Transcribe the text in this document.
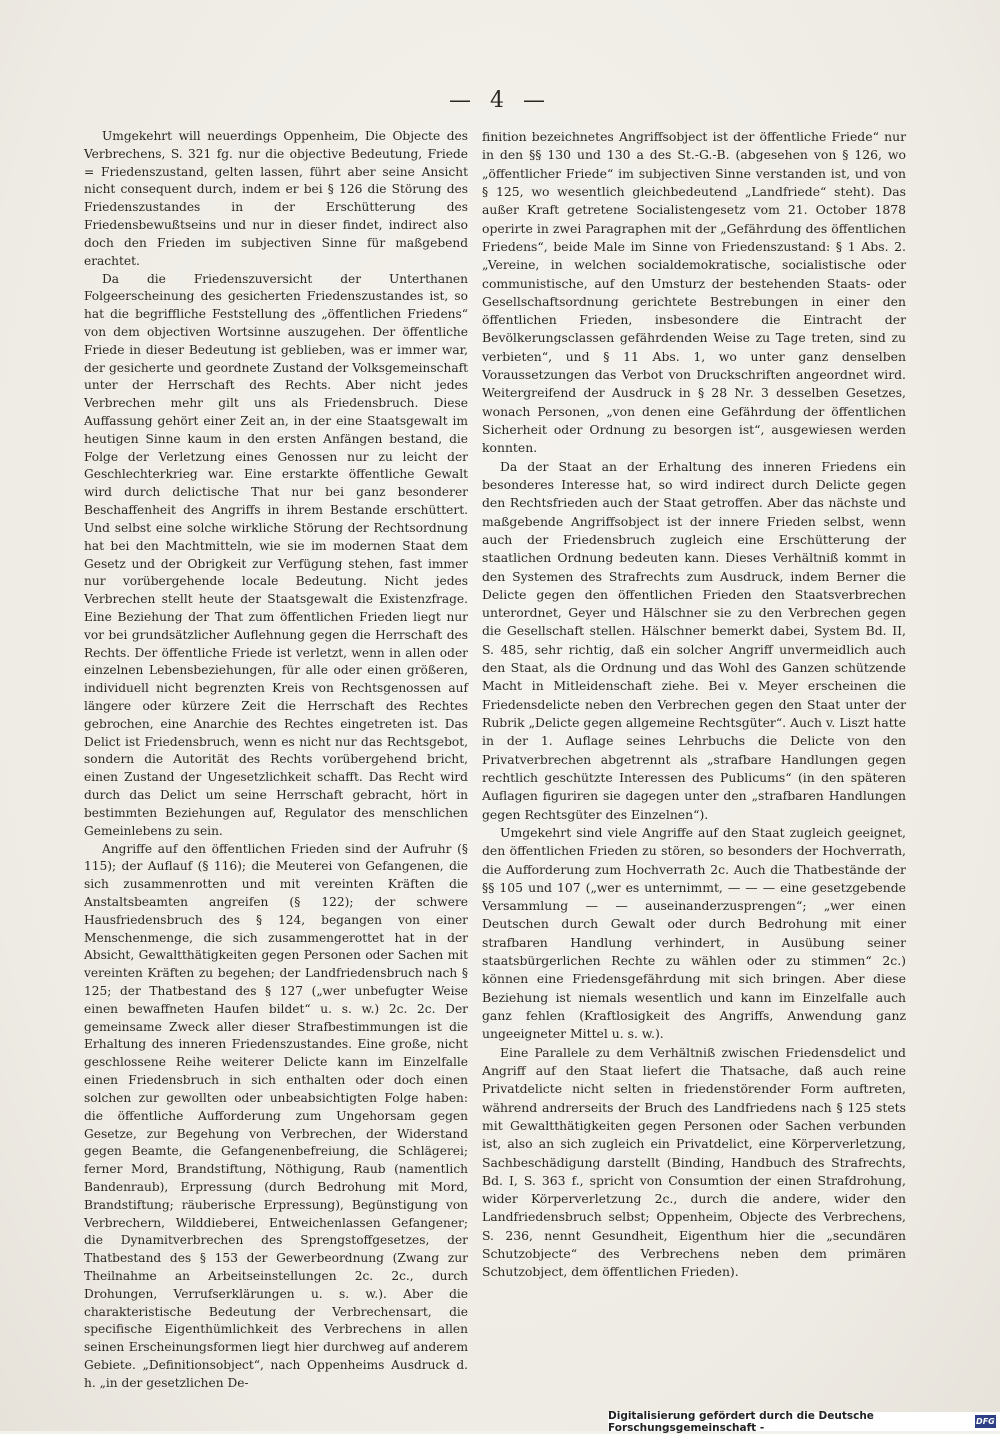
— 4 —

Umgekehrt will neuerdings Oppenheim, Die Objecte des Verbrechens, S. 321 fg. nur die objective Bedeutung, Friede = Friedenszustand, gelten lassen, führt aber seine Ansicht nicht consequent durch, indem er bei § 126 die Störung des Friedenszustandes in der Erschütterung des Friedensbewußtseins und nur in dieser findet, indirect also doch den Frieden im subjectiven Sinne für maßgebend erachtet.

Da die Friedenszuversicht der Unterthanen Folgeerscheinung des gesicherten Friedenszustandes ist, so hat die begriffliche Feststellung des „öffentlichen Friedens“ von dem objectiven Wortsinne auszugehen. Der öffentliche Friede in dieser Bedeutung ist geblieben, was er immer war, der gesicherte und geordnete Zustand der Volksgemeinschaft unter der Herrschaft des Rechts. Aber nicht jedes Verbrechen mehr gilt uns als Friedensbruch. Diese Auffassung gehört einer Zeit an, in der eine Staatsgewalt im heutigen Sinne kaum in den ersten Anfängen bestand, die Folge der Verletzung eines Genossen nur zu leicht der Geschlechterkrieg war. Eine erstarkte öffentliche Gewalt wird durch delictische That nur bei ganz besonderer Beschaffenheit des Angriffs in ihrem Bestande erschüttert. Und selbst eine solche wirkliche Störung der Rechtsordnung hat bei den Machtmitteln, wie sie im modernen Staat dem Gesetz und der Obrigkeit zur Verfügung stehen, fast immer nur vorübergehende locale Bedeutung. Nicht jedes Verbrechen stellt heute der Staatsgewalt die Existenzfrage. Eine Beziehung der That zum öffentlichen Frieden liegt nur vor bei grundsätzlicher Auflehnung gegen die Herrschaft des Rechts. Der öffentliche Friede ist verletzt, wenn in allen oder einzelnen Lebensbeziehungen, für alle oder einen größeren, individuell nicht begrenzten Kreis von Rechtsgenossen auf längere oder kürzere Zeit die Herrschaft des Rechtes gebrochen, eine Anarchie des Rechtes eingetreten ist. Das Delict ist Friedensbruch, wenn es nicht nur das Rechtsgebot, sondern die Autorität des Rechts vorübergehend bricht, einen Zustand der Ungesetzlichkeit schafft. Das Recht wird durch das Delict um seine Herrschaft gebracht, hört in bestimmten Beziehungen auf, Regulator des menschlichen Gemeinlebens zu sein.

Angriffe auf den öffentlichen Frieden sind der Aufruhr (§ 115); der Auflauf (§ 116); die Meuterei von Gefangenen, die sich zusammenrotten und mit vereinten Kräften die Anstaltsbeamten angreifen (§ 122); der schwere Hausfriedensbruch des § 124, begangen von einer Menschenmenge, die sich zusammengerottet hat in der Absicht, Gewaltthätigkeiten gegen Personen oder Sachen mit vereinten Kräften zu begehen; der Landfriedensbruch nach § 125; der Thatbestand des § 127 („wer unbefugter Weise einen bewaffneten Haufen bildet“ u. s. w.) 2c. 2c. Der gemeinsame Zweck aller dieser Strafbestimmungen ist die Erhaltung des inneren Friedenszustandes. Eine große, nicht geschlossene Reihe weiterer Delicte kann im Einzelfalle einen Friedensbruch in sich enthalten oder doch einen solchen zur gewollten oder unbeabsichtigten Folge haben: die öffentliche Aufforderung zum Ungehorsam gegen Gesetze, zur Begehung von Verbrechen, der Widerstand gegen Beamte, die Gefangenenbefreiung, die Schlägerei; ferner Mord, Brandstiftung, Nöthigung, Raub (namentlich Bandenraub), Erpressung (durch Bedrohung mit Mord, Brandstiftung; räuberische Erpressung), Begünstigung von Verbrechern, Wilddieberei, Entweichenlassen Gefangener; die Dynamitverbrechen des Sprengstoffgesetzes, der Thatbestand des § 153 der Gewerbeordnung (Zwang zur Theilnahme an Arbeitseinstellungen 2c. 2c., durch Drohungen, Verrufserklärungen u. s. w.). Aber die charakteristische Bedeutung der Verbrechensart, die specifische Eigenthümlichkeit des Verbrechens in allen seinen Erscheinungsformen liegt hier durchweg auf anderem Gebiete. „Definitionsobject“, nach Oppenheims Ausdruck d. h. „in der gesetzlichen De-

finition bezeichnetes Angriffsobject ist der öffentliche Friede“ nur in den §§ 130 und 130 a des St.-G.-B. (abgesehen von § 126, wo „öffentlicher Friede“ im subjectiven Sinne verstanden ist, und von § 125, wo wesentlich gleichbedeutend „Landfriede“ steht). Das außer Kraft getretene Socialistengesetz vom 21. October 1878 operirte in zwei Paragraphen mit der „Gefährdung des öffentlichen Friedens“, beide Male im Sinne von Friedenszustand: § 1 Abs. 2. „Vereine, in welchen socialdemokratische, socialistische oder communistische, auf den Umsturz der bestehenden Staats- oder Gesellschaftsordnung gerichtete Bestrebungen in einer den öffentlichen Frieden, insbesondere die Eintracht der Bevölkerungsclassen gefährdenden Weise zu Tage treten, sind zu verbieten“, und § 11 Abs. 1, wo unter ganz denselben Voraussetzungen das Verbot von Druckschriften angeordnet wird. Weitergreifend der Ausdruck in § 28 Nr. 3 desselben Gesetzes, wonach Personen, „von denen eine Gefährdung der öffentlichen Sicherheit oder Ordnung zu besorgen ist“, ausgewiesen werden konnten.

Da der Staat an der Erhaltung des inneren Friedens ein besonderes Interesse hat, so wird indirect durch Delicte gegen den Rechtsfrieden auch der Staat getroffen. Aber das nächste und maßgebende Angriffsobject ist der innere Frieden selbst, wenn auch der Friedensbruch zugleich eine Erschütterung der staatlichen Ordnung bedeuten kann. Dieses Verhältniß kommt in den Systemen des Strafrechts zum Ausdruck, indem Berner die Delicte gegen den öffentlichen Frieden den Staatsverbrechen unterordnet, Geyer und Hälschner sie zu den Verbrechen gegen die Gesellschaft stellen. Hälschner bemerkt dabei, System Bd. II, S. 485, sehr richtig, daß ein solcher Angriff unvermeidlich auch den Staat, als die Ordnung und das Wohl des Ganzen schützende Macht in Mitleidenschaft ziehe. Bei v. Meyer erscheinen die Friedensdelicte neben den Verbrechen gegen den Staat unter der Rubrik „Delicte gegen allgemeine Rechtsgüter“. Auch v. Liszt hatte in der 1. Auflage seines Lehrbuchs die Delicte von den Privatverbrechen abgetrennt als „strafbare Handlungen gegen rechtlich geschützte Interessen des Publicums“ (in den späteren Auflagen figuriren sie dagegen unter den „strafbaren Handlungen gegen Rechtsgüter des Einzelnen“).

Umgekehrt sind viele Angriffe auf den Staat zugleich geeignet, den öffentlichen Frieden zu stören, so besonders der Hochverrath, die Aufforderung zum Hochverrath 2c. Auch die Thatbestände der §§ 105 und 107 („wer es unternimmt, — — — eine gesetzgebende Versammlung — — auseinanderzusprengen“; „wer einen Deutschen durch Gewalt oder durch Bedrohung mit einer strafbaren Handlung verhindert, in Ausübung seiner staatsbürgerlichen Rechte zu wählen oder zu stimmen“ 2c.) können eine Friedensgefährdung mit sich bringen. Aber diese Beziehung ist niemals wesentlich und kann im Einzelfalle auch ganz fehlen (Kraftlosigkeit des Angriffs, Anwendung ganz ungeeigneter Mittel u. s. w.).

Eine Parallele zu dem Verhältniß zwischen Friedensdelict und Angriff auf den Staat liefert die Thatsache, daß auch reine Privatdelicte nicht selten in friedenstörender Form auftreten, während andrerseits der Bruch des Landfriedens nach § 125 stets mit Gewaltthätigkeiten gegen Personen oder Sachen verbunden ist, also an sich zugleich ein Privatdelict, eine Körperverletzung, Sachbeschädigung darstellt (Binding, Handbuch des Strafrechts, Bd. I, S. 363 f., spricht von Consumtion der einen Strafdrohung, wider Körperverletzung 2c., durch die andere, wider den Landfriedensbruch selbst; Oppenheim, Objecte des Verbrechens, S. 236, nennt Gesundheit, Eigenthum hier die „secundären Schutzobjecte“ des Verbrechens neben dem primären Schutzobject, dem öffentlichen Frieden).

Digitalisierung gefördert durch die Deutsche Forschungsgemeinschaft -	DFG
